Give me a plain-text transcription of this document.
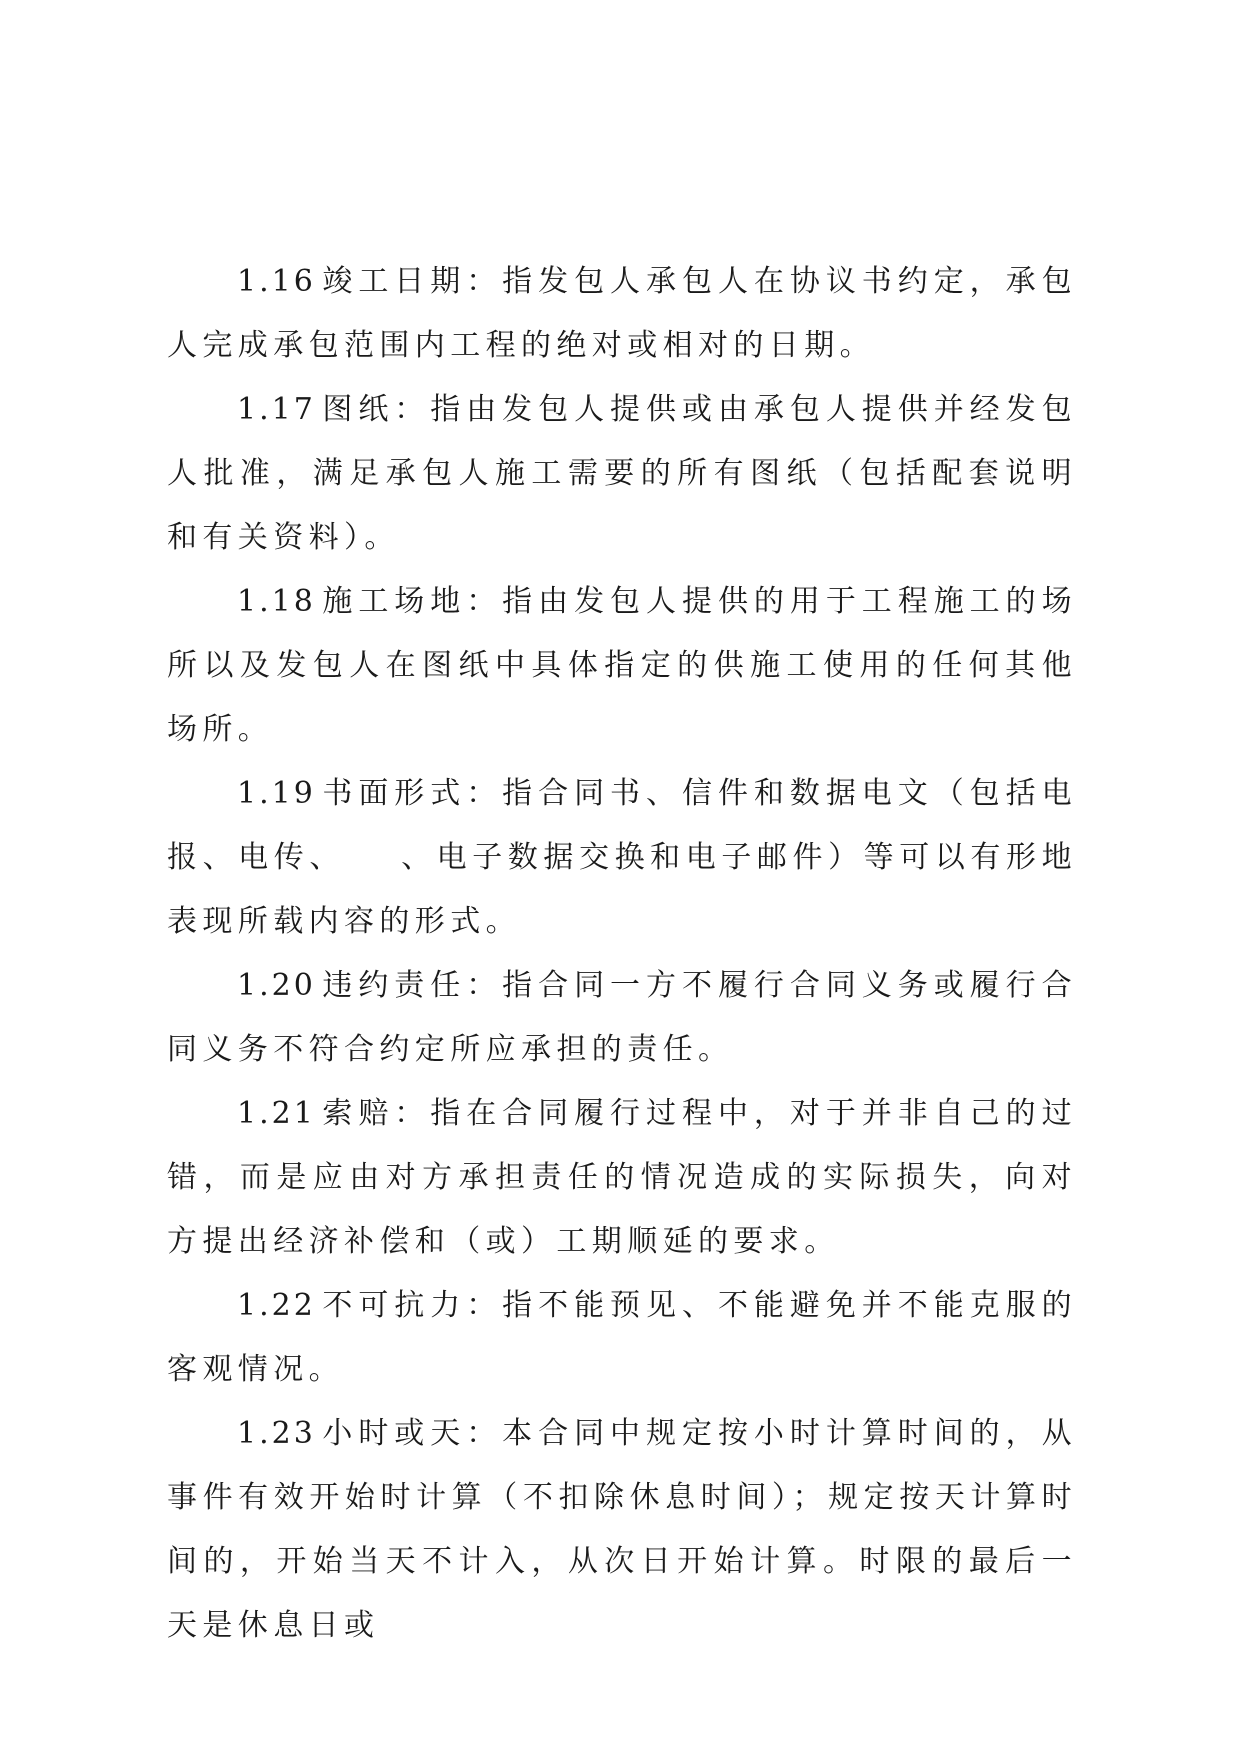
1.16 竣工日期：指发包人承包人在协议书约定，承包人完成承包范围内工程的绝对或相对的日期。

1.17 图纸：指由发包人提供或由承包人提供并经发包人批准，满足承包人施工需要的所有图纸（包括配套说明和有关资料）。

1.18 施工场地：指由发包人提供的用于工程施工的场所以及发包人在图纸中具体指定的供施工使用的任何其他场所。

1.19 书面形式：指合同书、信件和数据电文（包括电报、电传、　　、电子数据交换和电子邮件）等可以有形地表现所载内容的形式。

1.20 违约责任：指合同一方不履行合同义务或履行合同义务不符合约定所应承担的责任。

1.21 索赔：指在合同履行过程中，对于并非自己的过错，而是应由对方承担责任的情况造成的实际损失，向对方提出经济补偿和（或）工期顺延的要求。

1.22 不可抗力：指不能预见、不能避免并不能克服的客观情况。

1.23 小时或天：本合同中规定按小时计算时间的，从事件有效开始时计算（不扣除休息时间）；规定按天计算时间的，开始当天不计入，从次日开始计算。时限的最后一天是休息日或
